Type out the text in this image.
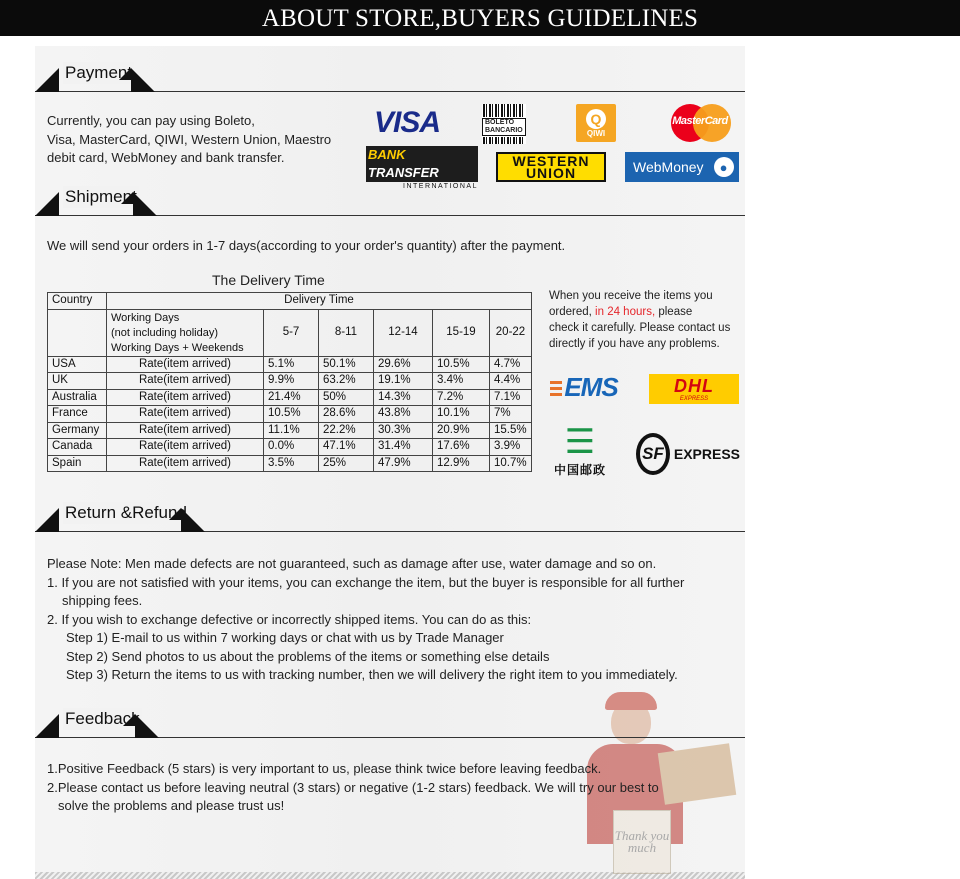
ABOUT STORE,BUYERS GUIDELINES
Thank you much
Payment
Currently, you can pay using Boleto,
Visa, MasterCard, QIWI, Western Union, Maestro
debit card, WebMoney and bank transfer.
VISA	BOLETO BANCARIO
Q
QIWI
MasterCard
BANK TRANSFER
INTERNATIONAL
WESTERN
UNION	WebMoney	●
Shipment
We will send your orders in 1-7 days(according to your order's quantity) after the payment.
The Delivery Time
Country	Delivery Time					

	Working Days
(not including holiday)
Working Days + Weekends	5-7	8-11	12-14	15-19	20-22
USA	Rate(item arrived)	5.1%	50.1%	29.6%	10.5%	4.7%
UK	Rate(item arrived)	9.9%	63.2%	19.1%	3.4%	4.4%
Australia	Rate(item arrived)	21.4%	50%	14.3%	7.2%	7.1%
France	Rate(item arrived)	10.5%	28.6%	43.8%	10.1%	7%
Germany	Rate(item arrived)	11.1%	22.2%	30.3%	20.9%	15.5%
Canada	Rate(item arrived)	0.0%	47.1%	31.4%	17.6%	3.9%
Spain	Rate(item arrived)	3.5%	25%	47.9%	12.9%	10.7%
When you receive the items you
ordered, in 24 hours, please
check it carefully. Please contact us
directly if you have any problems.
EMS	DHL
EXPRESS
☰
中国邮政
SF EXPRESS
Return &Refund
Please Note: Men made defects are not guaranteed, such as damage after use, water damage and so on.
1. If you are not satisfied with your items, you can exchange the item, but the buyer is responsible for all further
shipping fees.
2. If you wish to exchange defective or incorrectly shipped items. You can do as this:
Step 1) E-mail to us within 7 working days or chat with us by Trade Manager
Step 2) Send photos to us about the problems of the items or something else details
Step 3) Return the items to us with tracking number, then we will delivery the right item to you immediately.
Feedback
1.Positive Feedback (5 stars) is very important to us, please think twice before leaving feedback.
2.Please contact us before leaving neutral (3 stars) or negative (1-2 stars) feedback. We will try our best to
solve the problems and please trust us!
